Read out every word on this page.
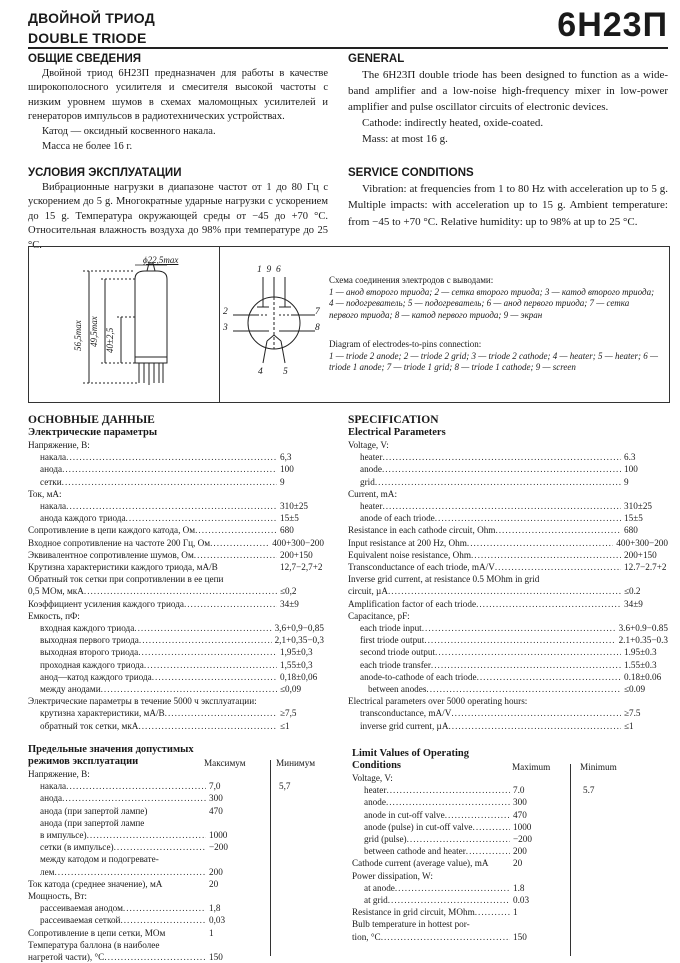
ДВОЙНОЙ ТРИОД
DOUBLE TRIODE	6Н23П
ОБЩИЕ СВЕДЕНИЯ
Двойной триод 6Н23П предназначен для работы в качестве широкополосного усилителя и смесителя высокой частоты с низким уровнем шумов в схемах маломощных усилителей и генераторов импульсов в радиотехнических устройствах.
Катод — оксидный косвенного накала.
Масса не более 16 г.
GENERAL
The 6Н23П double triode has been designed to function as a wide-band amplifier and a low-noise high-frequency mixer in low-power amplifier and pulse oscillator circuits of electronic devices.
Cathode: indirectly heated, oxide-coated.
Mass: at most 16 g.
УСЛОВИЯ ЭКСПЛУАТАЦИИ
Вибрационные нагрузки в диапазоне частот от 1 до 80 Гц с ускорением до 5 g. Многократные ударные нагрузки с ускорением до 15 g. Температура окружающей среды от −45 до +70 °С. Относительная влажность воздуха до 98% при температуре до 25 °С.
SERVICE CONDITIONS
Vibration: at frequencies from 1 to 80 Hz with acceleration up to 5 g. Multiple impacts: with acceleration up to 15 g. Ambient temperature: from −45 to +70 °C. Relative humidity: up to 98% at up to 25 °C.
ϕ22,5max
56,5max 49,5max 40±2,5
1  9  6
2
3
7
8
4 5
Схема соединения электродов с выводами:
1 — анод второго триода; 2 — сетка второго триода; 3 — катод второго триода; 4 — подогреватель; 5 — подогреватель; 6 — анод первого триода; 7 — сетка первого триода; 8 — катод первого триода; 9 — экран
Diagram of electrodes-to-pins connection:
1 — triode 2 anode; 2 — triode 2 grid; 3 — triode 2 cathode; 4 — heater; 5 — heater; 6 — triode 1 anode; 7 — triode 1 grid; 8 — triode 1 cathode; 9 — screen
ОСНОВНЫЕ ДАННЫЕ
Электрические параметры
Напряжение, В:
накала .....	6,3
анода .....	100
сетки .....	9
Ток, мА:
накала .....	310±25
анода каждого триода .....	15±5
Сопротивление в цепи каждого катода, Ом .....	680
Входное сопротивление на частоте 200 Гц, Ом .....	400+300−200
Эквивалентное сопротивление шумов, Ом .....	200+150
Крутизна характеристики каждого триода, мА/В	12,7−2,7+2
Обратный ток сетки при сопротивлении в ее цепи
0,5 МОм, мкА .....	≤0,2
Коэффициент усиления каждого триода .....	34±9
Емкость, пФ:
входная каждого триода .....	3,6+0,9−0,85
выходная первого триода .....	2,1+0,35−0,3
выходная второго триода .....	1,95±0,3
проходная каждого триода .....	1,55±0,3
анод—катод каждого триода .....	0,18±0,06
между анодами .....	≤0,09
Электрические параметры в течение 5000 ч эксплуатации:
крутизна характеристики, мА/В .....	≥7,5
обратный ток сетки, мкА .....	≤1
SPECIFICATION
Electrical Parameters
Voltage, V:
heater .....	6.3
anode .....	100
grid .....	9
Current, mA:
heater .....	310±25
anode of each triode .....	15±5
Resistance in each cathode circuit, Ohm .....	680
Input resistance at 200 Hz, Ohm .....	400+300−200
Equivalent noise resistance, Ohm .....	200+150
Transconductance of each triode, mA/V .....	12.7−2.7+2
Inverse grid current, at resistance 0.5 MOhm in grid
circuit, µA .....	≤0.2
Amplification factor of each triode .....	34±9
Capacitance, pF:
each triode input .....	3.6+0.9−0.85
first triode output .....	2.1+0.35−0.3
second triode output .....	1.95±0.3
each triode transfer .....	1.55±0.3
anode-to-cathode of each triode .....	0.18±0.06
between anodes .....	≤0.09
Electrical parameters over 5000 operating hours:
transconductance, mA/V .....	≥7.5
inverse grid current, µA .....	≤1
Предельные значения допустимых режимов эксплуатации	Максимум	Минимум
Напряжение, В:
накала .....	7,0	5,7
анода .....	300
анода (при запертой лампе)	470
анода (при запертой лампе
в импульсе) .....	1000
сетки (в импульсе) .....	−200
между катодом и подогревате-
лем .....	200
Ток катода (среднее значение), мА	20
Мощность, Вт:
рассеиваемая анодом .....	1,8
рассеиваемая сеткой .....	0,03
Сопротивление в цепи сетки, МОм	1
Температура баллона (в наиболее
нагретой части), °С .....	150
Limit Values of Operating Conditions	Maximum	Minimum
Voltage, V:
heater .....	7.0	5.7
anode .....	300
anode in cut-off valve .....	470
anode (pulse) in cut-off valve .....	1000
grid (pulse) .....	−200
between cathode and heater .....	200
Cathode current (average value), mA	20
Power dissipation, W:
at anode .....	1.8
at grid .....	0.03
Resistance in grid circuit, MOhm .....	1
Bulb temperature in hottest por-
tion, °C .....	150
